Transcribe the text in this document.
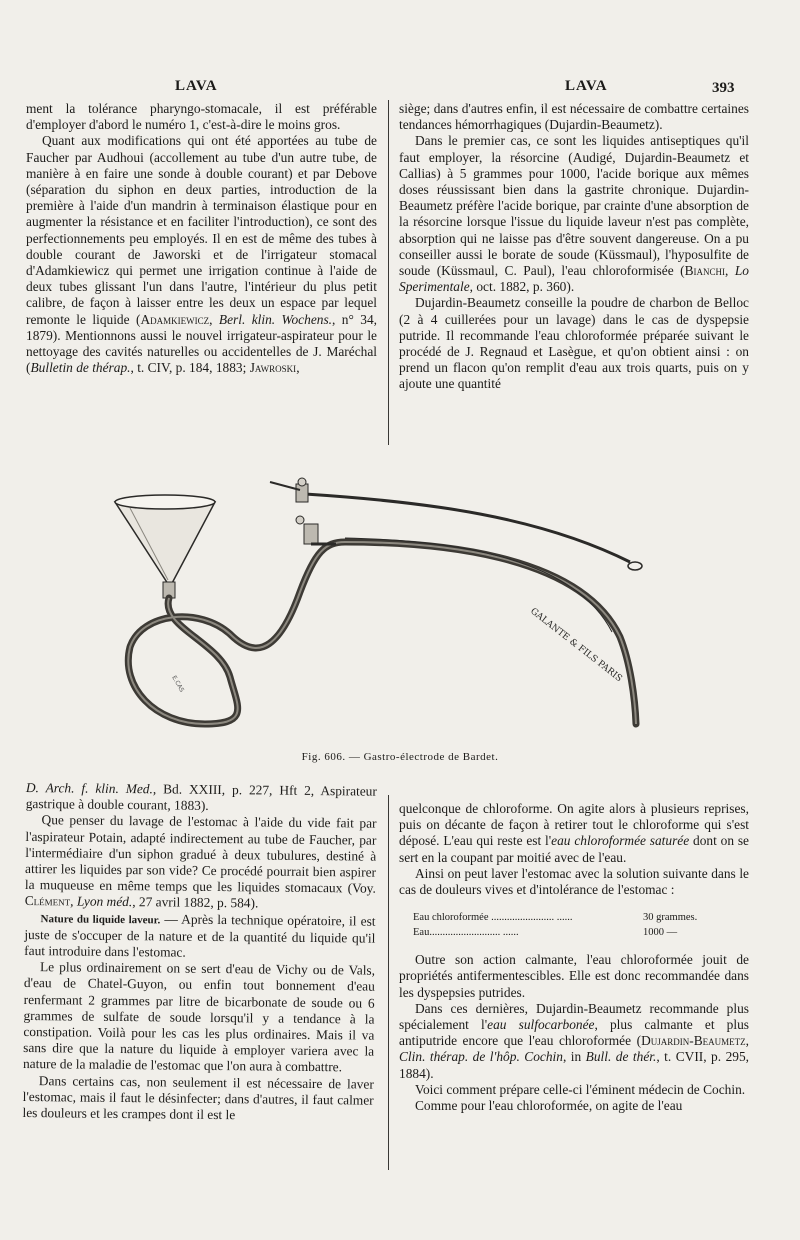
LAVA	LAVA	393

ment la tolérance pharyngo-stomacale, il est préférable d'employer d'abord le numéro 1, c'est-à-dire le moins gros.

Quant aux modifications qui ont été apportées au tube de Faucher par Audhoui (accollement au tube d'un autre tube, de manière à en faire une sonde à double courant) et par Debove (séparation du siphon en deux parties, introduction de la première à l'aide d'un mandrin à terminaison élastique pour en augmenter la résistance et en faciliter l'introduction), ce sont des perfectionnements peu employés. Il en est de même des tubes à double courant de Jaworski et de l'irrigateur stomacal d'Adamkiewicz qui permet une irrigation continue à l'aide de deux tubes glissant l'un dans l'autre, l'intérieur du plus petit calibre, de façon à laisser entre les deux un espace par lequel remonte le liquide (Adamkiewicz, Berl. klin. Wochens., n° 34, 1879). Mentionnons aussi le nouvel irrigateur-aspirateur pour le nettoyage des cavités naturelles ou accidentelles de J. Maréchal (Bulletin de thérap., t. CIV, p. 184, 1883; Jawroski,

siège; dans d'autres enfin, il est nécessaire de combattre certaines tendances hémorrhagiques (Dujardin-Beaumetz).

Dans le premier cas, ce sont les liquides antiseptiques qu'il faut employer, la résorcine (Audigé, Dujardin-Beaumetz et Callias) à 5 grammes pour 1000, l'acide borique aux mêmes doses réussissant bien dans la gastrite chronique. Dujardin-Beaumetz préfère l'acide borique, par crainte d'une absorption de la résorcine lorsque l'issue du liquide laveur n'est pas complète, absorption qui ne laisse pas d'être souvent dangereuse. On a pu conseiller aussi le borate de soude (Küssmaul), l'hyposulfite de soude (Küssmaul, C. Paul), l'eau chloroformisée (Bianchi, Lo Sperimentale, oct. 1882, p. 360).

Dujardin-Beaumetz conseille la poudre de charbon de Belloc (2 à 4 cuillerées pour un lavage) dans le cas de dyspepsie putride. Il recommande l'eau chloroformée préparée suivant le procédé de J. Regnaud et Lasègue, et qu'on obtient ainsi : on prend un flacon qu'on remplit d'eau aux trois quarts, puis on y ajoute une quantité

GALANTE & FILS PARIS
E.CAS
Fig. 606. — Gastro-électrode de Bardet.

D. Arch. f. klin. Med., Bd. XXIII, p. 227, Hft 2, Aspirateur gastrique à double courant, 1883).

Que penser du lavage de l'estomac à l'aide du vide fait par l'aspirateur Potain, adapté indirectement au tube de Faucher, par l'intermédiaire d'un siphon gradué à deux tubulures, destiné à attirer les liquides par son vide? Ce procédé pourrait bien aspirer la muqueuse en même temps que les liquides stomacaux (Voy. Clément, Lyon méd., 27 avril 1882, p. 584).

Nature du liquide laveur. — Après la technique opératoire, il est juste de s'occuper de la nature et de la quantité du liquide qu'il faut introduire dans l'estomac.

Le plus ordinairement on se sert d'eau de Vichy ou de Vals, d'eau de Chatel-Guyon, ou enfin tout bonnement d'eau renfermant 2 grammes par litre de bicarbonate de soude ou 6 grammes de sulfate de soude lorsqu'il y a tendance à la constipation. Voilà pour les cas les plus ordinaires. Mais il va sans dire que la nature du liquide à employer variera avec la nature de la maladie de l'estomac que l'on aura à combattre.

Dans certains cas, non seulement il est nécessaire de laver l'estomac, mais il faut le désinfecter; dans d'autres, il faut calmer les douleurs et les crampes dont il est le

quelconque de chloroforme. On agite alors à plusieurs reprises, puis on décante de façon à retirer tout le chloroforme qui s'est déposé. L'eau qui reste est l'eau chloroformée saturée dont on se sert en la coupant par moitié avec de l'eau.

Ainsi on peut laver l'estomac avec la solution suivante dans le cas de douleurs vives et d'intolérance de l'estomac :

Eau chloroformée ........................ ......	30 grammes.
Eau........................... ......	1000 —

Outre son action calmante, l'eau chloroformée jouit de propriétés antifermentescibles. Elle est donc recommandée dans les dyspepsies putrides.

Dans ces dernières, Dujardin-Beaumetz recommande plus spécialement l'eau sulfocarbonée, plus calmante et plus antiputride encore que l'eau chloroformée (Dujardin-Beaumetz, Clin. thérap. de l'hôp. Cochin, in Bull. de thér., t. CVII, p. 295, 1884).

Voici comment prépare celle-ci l'éminent médecin de Cochin.

Comme pour l'eau chloroformée, on agite de l'eau
